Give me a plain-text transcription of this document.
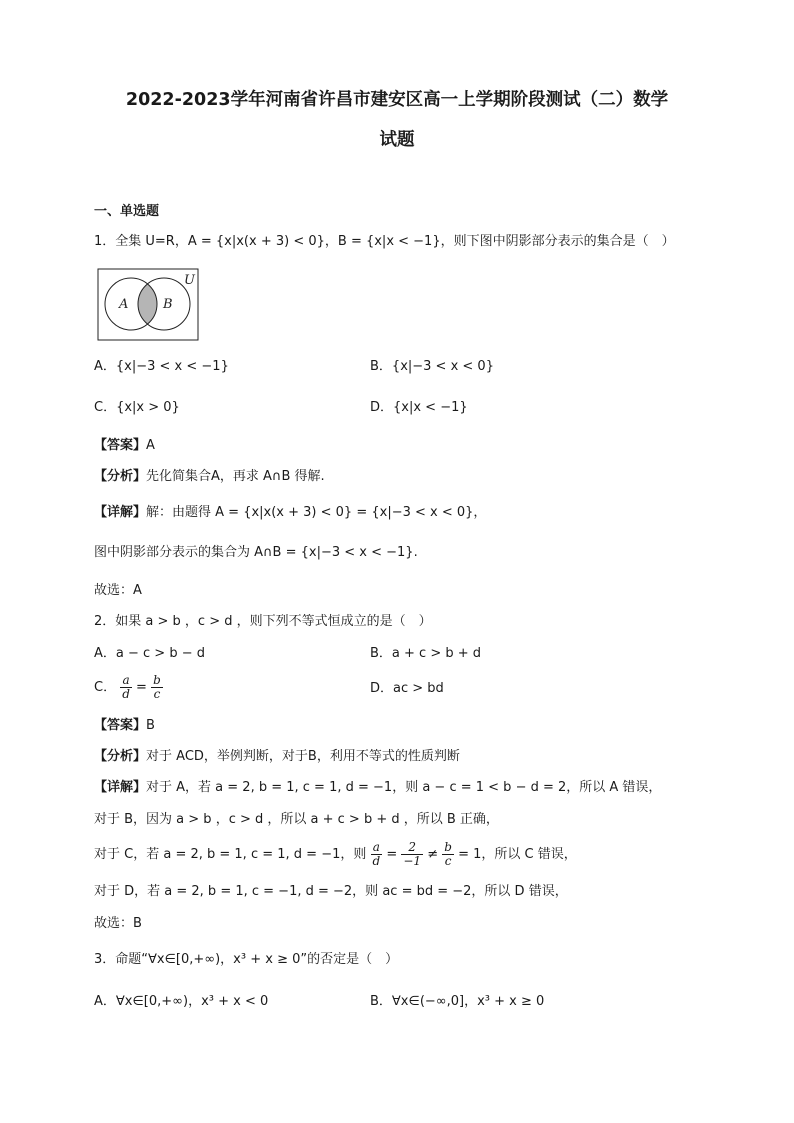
2022-2023学年河南省许昌市建安区高一上学期阶段测试（二）数学
试题
一、单选题
1．全集 U=R，A = {x|x(x + 3) < 0}，B = {x|x < −1}，则下图中阴影部分表示的集合是（　）
A	B
U
A．{x|−3 < x < −1}	B．{x|−3 < x < 0}
C．{x|x > 0}	D．{x|x < −1}
【答案】A
【分析】先化简集合A，再求 A∩B 得解.
【详解】解：由题得 A = {x|x(x + 3) < 0} = {x|−3 < x < 0}，
图中阴影部分表示的集合为 A∩B = {x|−3 < x < −1}.
故选：A
2．如果 a > b ，c > d ，则下列不等式恒成立的是（　）
A．a − c > b − d	B．a + c > b + d
C． $\frac{a}{d} = \frac{b}{c}$	D．ac > bd
【答案】B
【分析】对于 ACD，举例判断，对于B，利用不等式的性质判断
【详解】对于 A，若 a = 2, b = 1, c = 1, d = −1，则 a − c = 1 < b − d = 2，所以 A 错误，
对于 B，因为 a > b ，c > d ，所以 a + c > b + d ，所以 B 正确，
对于 C，若 a = 2, b = 1, c = 1, d = −1，则 $\frac{a}{d} = \frac{2}{-1} \ne \frac{b}{c} = 1$，所以 C 错误，
对于 D，若 a = 2, b = 1, c = −1, d = −2，则 ac = bd = −2，所以 D 错误，
故选：B
3．命题“∀x∈[0,+∞)，x³ + x ≥ 0”的否定是（　）
A．∀x∈[0,+∞)，x³ + x < 0	B．∀x∈(−∞,0]，x³ + x ≥ 0
